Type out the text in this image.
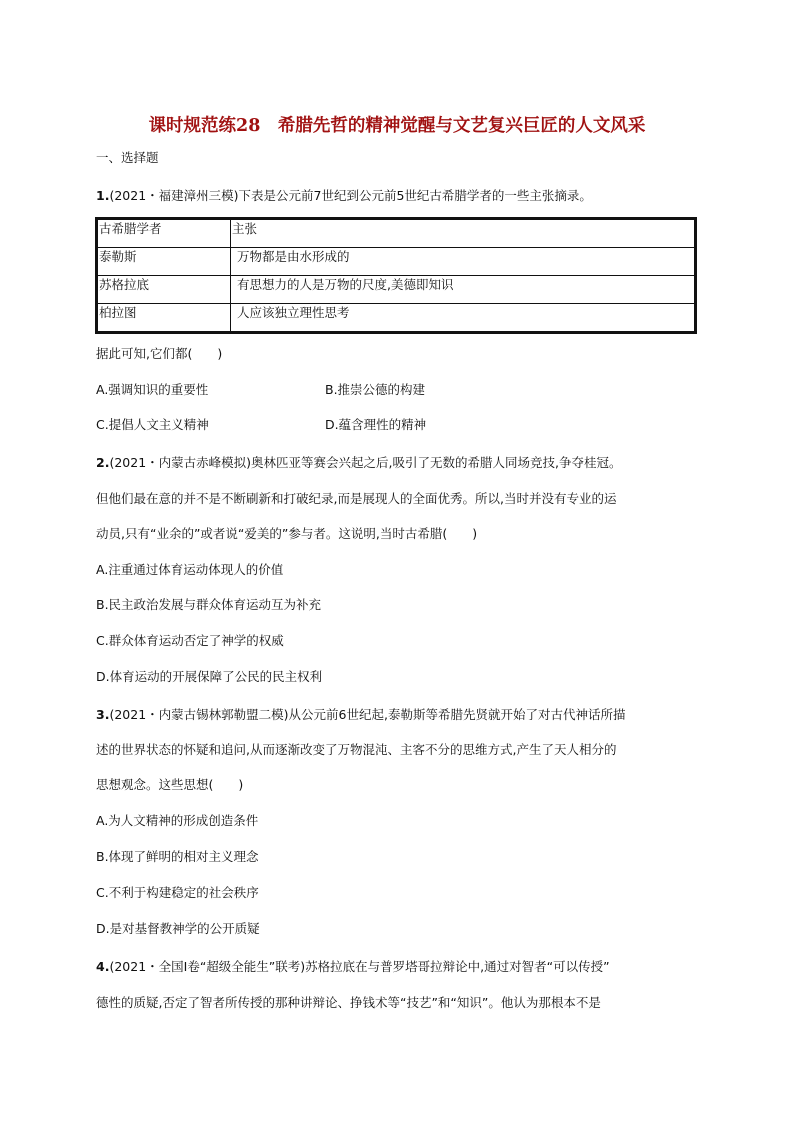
课时规范练28　希腊先哲的精神觉醒与文艺复兴巨匠的人文风采
一、选择题
1.(2021・福建漳州三模)下表是公元前7世纪到公元前5世纪古希腊学者的一些主张摘录。
古希腊学者	主张
泰勒斯	万物都是由水形成的
苏格拉底	有思想力的人是万物的尺度,美德即知识
柏拉图	人应该独立理性思考
据此可知,它们都(　　)
A.强调知识的重要性	B.推崇公德的构建
C.提倡人文主义精神	D.蕴含理性的精神
2.(2021・内蒙古赤峰模拟)奥林匹亚等赛会兴起之后,吸引了无数的希腊人同场竞技,争夺桂冠。
但他们最在意的并不是不断刷新和打破纪录,而是展现人的全面优秀。所以,当时并没有专业的运
动员,只有“业余的”或者说“爱美的”参与者。这说明,当时古希腊(　　)
A.注重通过体育运动体现人的价值
B.民主政治发展与群众体育运动互为补充
C.群众体育运动否定了神学的权威
D.体育运动的开展保障了公民的民主权利
3.(2021・内蒙古锡林郭勒盟二模)从公元前6世纪起,泰勒斯等希腊先贤就开始了对古代神话所描
述的世界状态的怀疑和追问,从而逐渐改变了万物混沌、主客不分的思维方式,产生了天人相分的
思想观念。这些思想(　　)
A.为人文精神的形成创造条件
B.体现了鲜明的相对主义理念
C.不利于构建稳定的社会秩序
D.是对基督教神学的公开质疑
4.(2021・全国Ⅰ卷“超级全能生”联考)苏格拉底在与普罗塔哥拉辩论中,通过对智者“可以传授”
德性的质疑,否定了智者所传授的那种讲辩论、挣钱术等“技艺”和“知识”。他认为那根本不是
